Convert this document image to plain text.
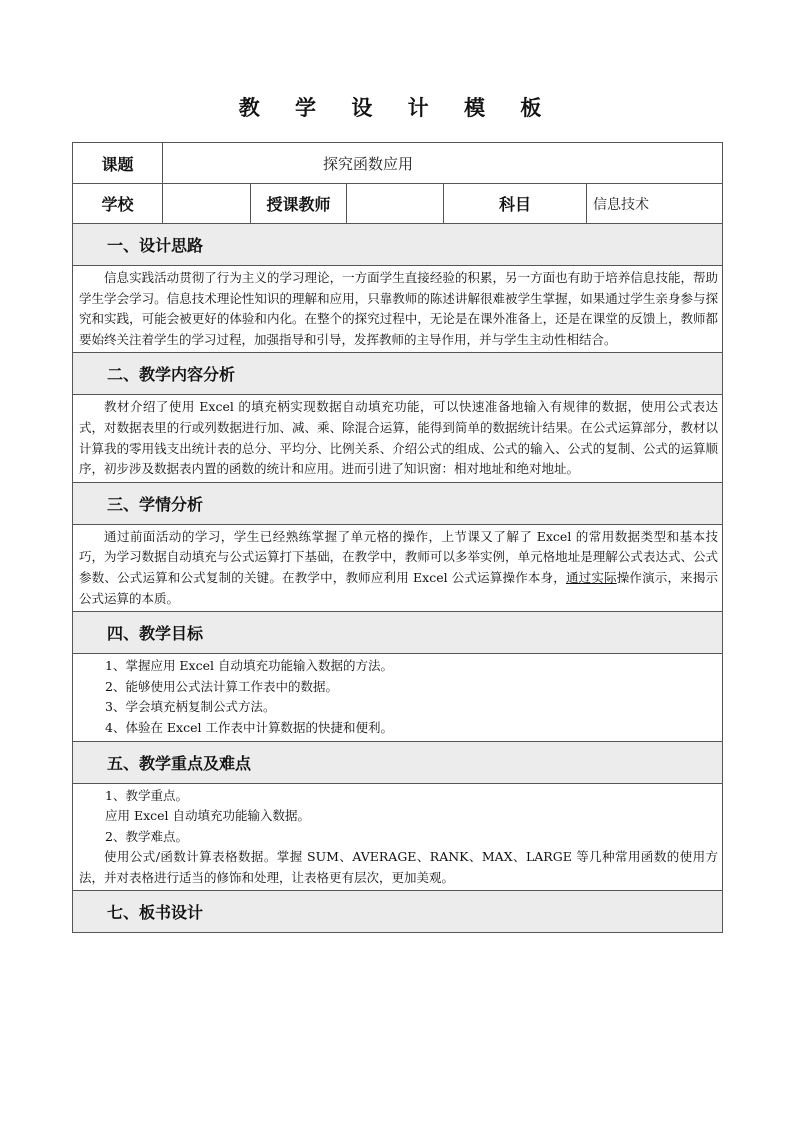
教 学 设 计 模 板
课题	探究函数应用				
学校		授课教师		科目	信息技术
一、设计思路					

信息实践活动贯彻了行为主义的学习理论，一方面学生直接经验的积累，另一方面也有助于培养信息技能，帮助学生学会学习。信息技术理论性知识的理解和应用，只靠教师的陈述讲解很难被学生掌握，如果通过学生亲身参与探究和实践，可能会被更好的体验和内化。在整个的探究过程中，无论是在课外准备上，还是在课堂的反馈上，教师都要始终关注着学生的学习过程，加强指导和引导，发挥教师的主导作用，并与学生主动性相结合。					

二、教学内容分析					

教材介绍了使用 Excel 的填充柄实现数据自动填充功能，可以快速准备地输入有规律的数据，使用公式表达式，对数据表里的行或列数据进行加、减、乘、除混合运算，能得到简单的数据统计结果。在公式运算部分，教材以计算我的零用钱支出统计表的总分、平均分、比例关系、介绍公式的组成、公式的输入、公式的复制、公式的运算顺序，初步涉及数据表内置的函数的统计和应用。进而引进了知识窗：相对地址和绝对地址。					

三、学情分析					

通过前面活动的学习，学生已经熟练掌握了单元格的操作，上节课又了解了 Excel 的常用数据类型和基本技巧，为学习数据自动填充与公式运算打下基础，在教学中，教师可以多举实例，单元格地址是理解公式表达式、公式参数、公式运算和公式复制的关键。在教学中，教师应利用 Excel 公式运算操作本身，通过实际操作演示，来揭示公式运算的本质。					

四、教学目标					

1、掌握应用 Excel 自动填充功能输入数据的方法。

2、能够使用公式法计算工作表中的数据。

3、学会填充柄复制公式方法。

4、体验在 Excel 工作表中计算数据的快捷和便利。					

五、教学重点及难点					

1、教学重点。

应用 Excel 自动填充功能输入数据。

2、教学难点。

使用公式/函数计算表格数据。掌握 SUM、AVERAGE、RANK、MAX、LARGE 等几种常用函数的使用方法，并对表格进行适当的修饰和处理，让表格更有层次，更加美观。					

七、板书设计					
